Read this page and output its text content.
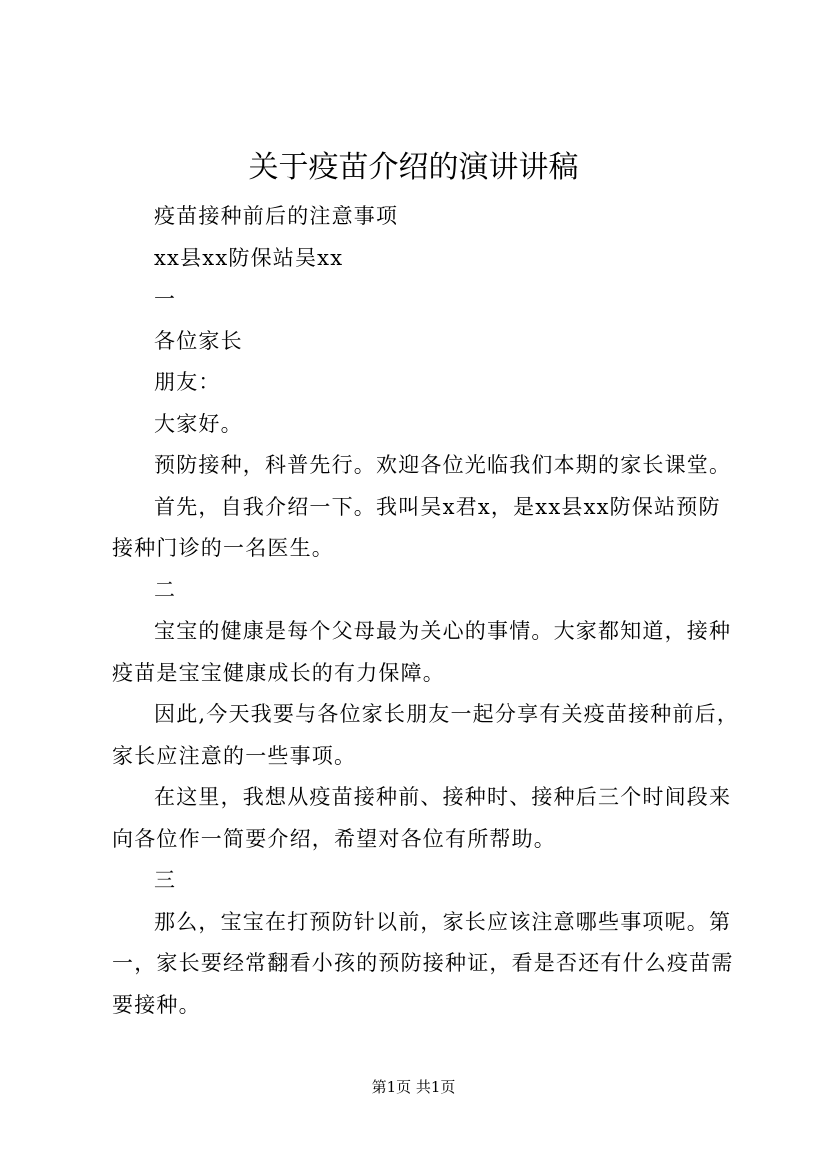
关于疫苗介绍的演讲讲稿

疫苗接种前后的注意事项

xx县xx防保站吴xx

一

各位家长

朋友：

大家好。

预防接种，科普先行。欢迎各位光临我们本期的家长课堂。

首先，自我介绍一下。我叫吴x君x，是xx县xx防保站预防接种门诊的一名医生。

二

宝宝的健康是每个父母最为关心的事情。大家都知道，接种疫苗是宝宝健康成长的有力保障。

因此,今天我要与各位家长朋友一起分享有关疫苗接种前后，家长应注意的一些事项。

在这里，我想从疫苗接种前、接种时、接种后三个时间段来向各位作一简要介绍，希望对各位有所帮助。

三

那么，宝宝在打预防针以前，家长应该注意哪些事项呢。第一，家长要经常翻看小孩的预防接种证，看是否还有什么疫苗需要接种。

第1页 共1页
